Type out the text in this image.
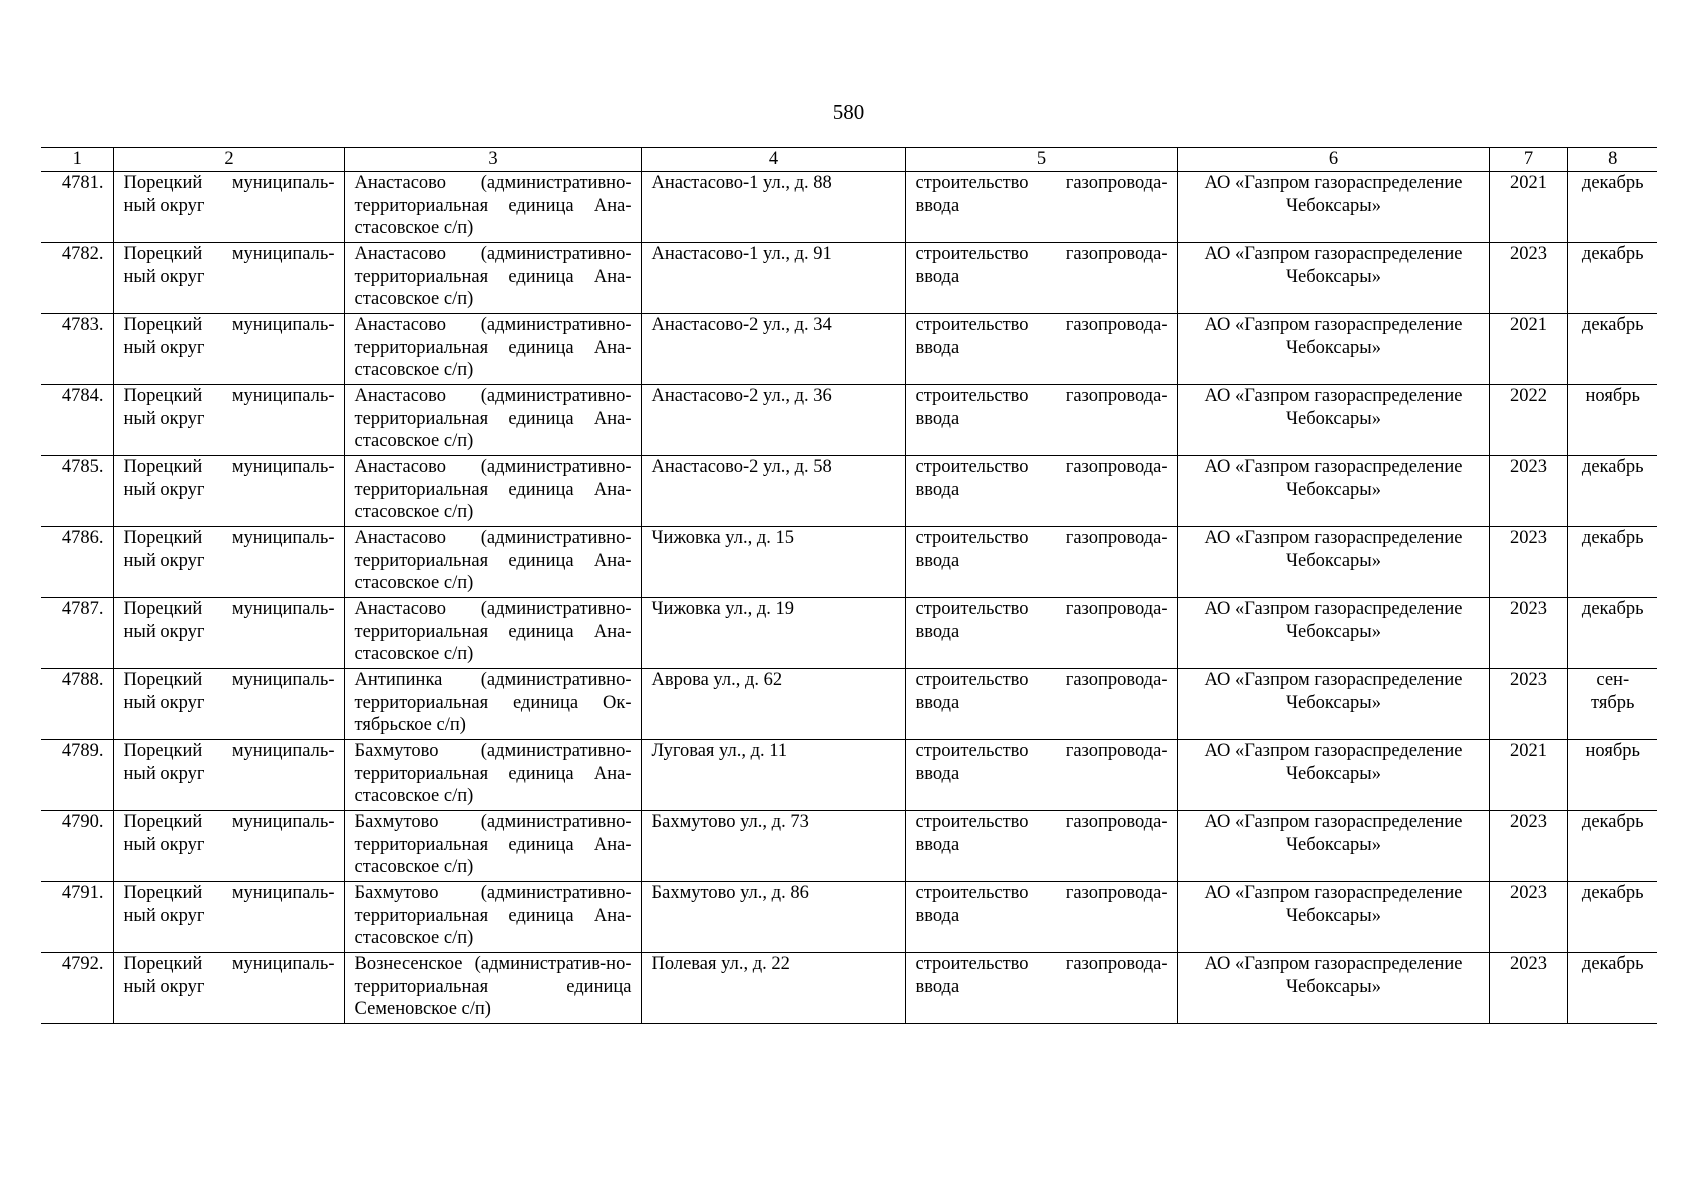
580
1	2	3	4	5	6	7	8
4781.	Порецкий муниципаль-ный округ	Анастасово (административно-территориальная единица Ана-стасовское с/п)	Анастасово-1 ул., д. 88	строительство газопровода-ввода	АО «Газпром газораспределение Чебоксары»	2021	декабрь
4782.	Порецкий муниципаль-ный округ	Анастасово (административно-территориальная единица Ана-стасовское с/п)	Анастасово-1 ул., д. 91	строительство газопровода-ввода	АО «Газпром газораспределение Чебоксары»	2023	декабрь
4783.	Порецкий муниципаль-ный округ	Анастасово (административно-территориальная единица Ана-стасовское с/п)	Анастасово-2 ул., д. 34	строительство газопровода-ввода	АО «Газпром газораспределение Чебоксары»	2021	декабрь
4784.	Порецкий муниципаль-ный округ	Анастасово (административно-территориальная единица Ана-стасовское с/п)	Анастасово-2 ул., д. 36	строительство газопровода-ввода	АО «Газпром газораспределение Чебоксары»	2022	ноябрь
4785.	Порецкий муниципаль-ный округ	Анастасово (административно-территориальная единица Ана-стасовское с/п)	Анастасово-2 ул., д. 58	строительство газопровода-ввода	АО «Газпром газораспределение Чебоксары»	2023	декабрь
4786.	Порецкий муниципаль-ный округ	Анастасово (административно-территориальная единица Ана-стасовское с/п)	Чижовка ул., д. 15	строительство газопровода-ввода	АО «Газпром газораспределение Чебоксары»	2023	декабрь
4787.	Порецкий муниципаль-ный округ	Анастасово (административно-территориальная единица Ана-стасовское с/п)	Чижовка ул., д. 19	строительство газопровода-ввода	АО «Газпром газораспределение Чебоксары»	2023	декабрь
4788.	Порецкий муниципаль-ный округ	Антипинка (административно-территориальная единица Ок-тябрьское с/п)	Аврова ул., д. 62	строительство газопровода-ввода	АО «Газпром газораспределение Чебоксары»	2023	сен-тябрь
4789.	Порецкий муниципаль-ный округ	Бахмутово (административно-территориальная единица Ана-стасовское с/п)	Луговая ул., д. 11	строительство газопровода-ввода	АО «Газпром газораспределение Чебоксары»	2021	ноябрь
4790.	Порецкий муниципаль-ный округ	Бахмутово (административно-территориальная единица Ана-стасовское с/п)	Бахмутово ул., д. 73	строительство газопровода-ввода	АО «Газпром газораспределение Чебоксары»	2023	декабрь
4791.	Порецкий муниципаль-ный округ	Бахмутово (административно-территориальная единица Ана-стасовское с/п)	Бахмутово ул., д. 86	строительство газопровода-ввода	АО «Газпром газораспределение Чебоксары»	2023	декабрь
4792.	Порецкий муниципаль-ный округ	Вознесенское (административ-но-территориальная единица Семеновское с/п)	Полевая ул., д. 22	строительство газопровода-ввода	АО «Газпром газораспределение Чебоксары»	2023	декабрь
